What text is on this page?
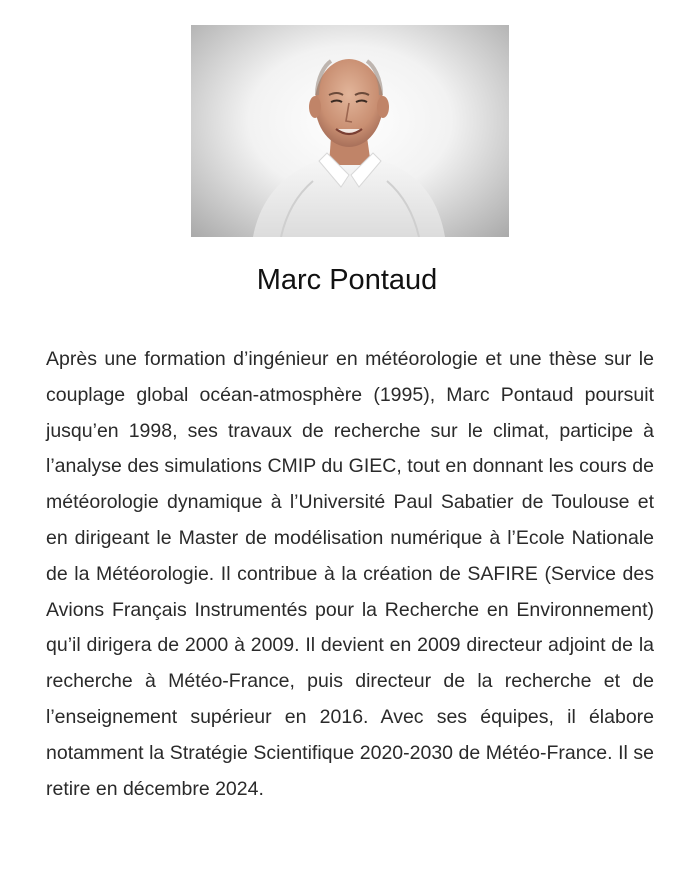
Marc Pontaud

Après une formation d’ingénieur en météorologie et une thèse sur le couplage global océan-atmosphère (1995), Marc Pontaud poursuit jusqu’en 1998, ses travaux de recherche sur le climat, participe à l’analyse des simulations CMIP du GIEC, tout en donnant les cours de météorologie dynamique à l’Université Paul Sabatier de Toulouse et en dirigeant le Master de modélisation numérique à l’Ecole Nationale de la Météorologie. Il contribue à la création de SAFIRE (Service des Avions Français Instrumentés pour la Recherche en Environnement) qu’il dirigera de 2000 à 2009. Il devient en 2009 directeur adjoint de la recherche à Météo-France, puis directeur de la recherche et de l’enseignement supérieur en 2016. Avec ses équipes, il élabore notamment la Stratégie Scientifique 2020-2030 de Météo-France. Il se retire en décembre 2024.
